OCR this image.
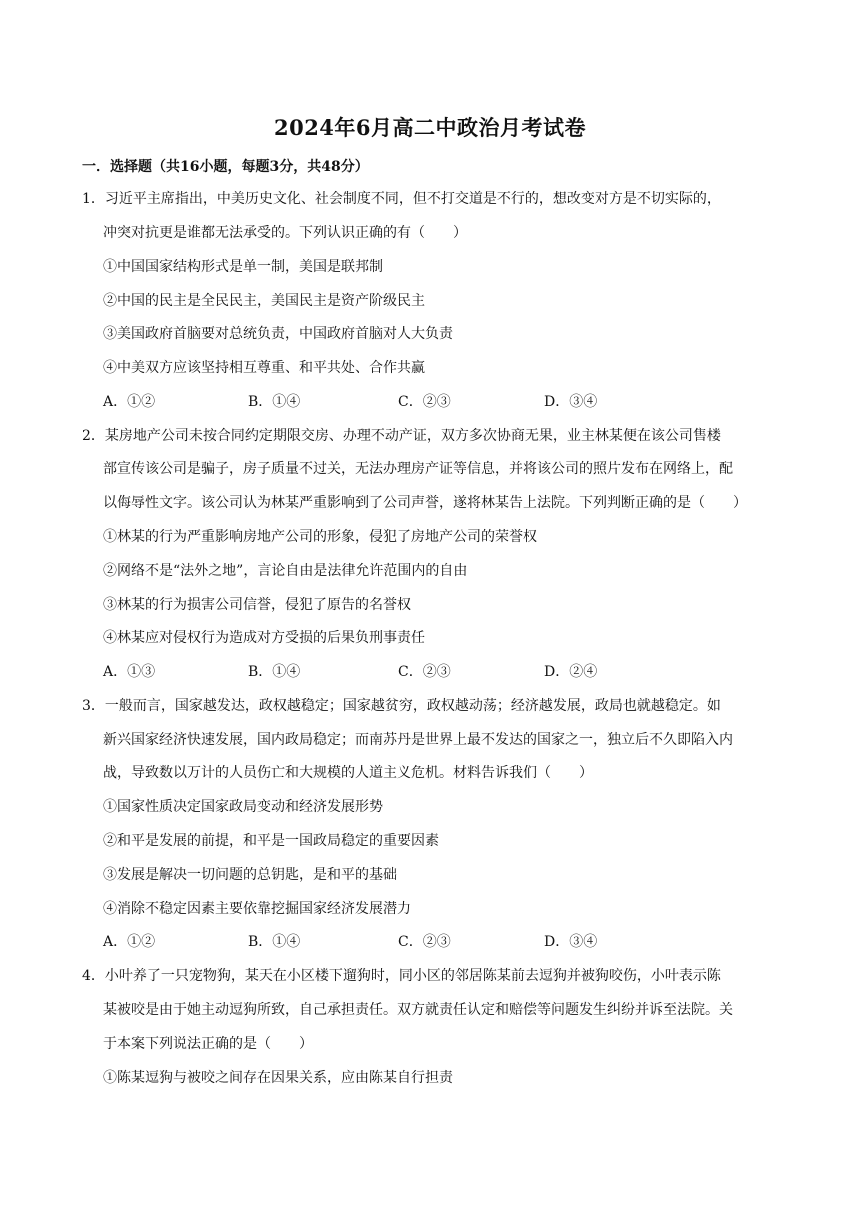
2024年6月高二中政治月考试卷
一．选择题（共16小题，每题3分，共48分）
1．习近平主席指出，中美历史文化、社会制度不同，但不打交道是不行的，想改变对方是不切实际的，
冲突对抗更是谁都无法承受的。下列认识正确的有（　　）
①中国国家结构形式是单一制，美国是联邦制
②中国的民主是全民民主，美国民主是资产阶级民主
③美国政府首脑要对总统负责，中国政府首脑对人大负责
④中美双方应该坚持相互尊重、和平共处、合作共赢
A．①②	B．①④	C．②③	D．③④
2．某房地产公司未按合同约定期限交房、办理不动产证，双方多次协商无果，业主林某便在该公司售楼
部宣传该公司是骗子，房子质量不过关，无法办理房产证等信息，并将该公司的照片发布在网络上，配
以侮辱性文字。该公司认为林某严重影响到了公司声誉，遂将林某告上法院。下列判断正确的是（　　）
①林某的行为严重影响房地产公司的形象，侵犯了房地产公司的荣誉权
②网络不是“法外之地”，言论自由是法律允许范围内的自由
③林某的行为损害公司信誉，侵犯了原告的名誉权
④林某应对侵权行为造成对方受损的后果负刑事责任
A．①③	B．①④	C．②③	D．②④
3．一般而言，国家越发达，政权越稳定；国家越贫穷，政权越动荡；经济越发展，政局也就越稳定。如
新兴国家经济快速发展，国内政局稳定；而南苏丹是世界上最不发达的国家之一，独立后不久即陷入内
战，导致数以万计的人员伤亡和大规模的人道主义危机。材料告诉我们（　　）
①国家性质决定国家政局变动和经济发展形势
②和平是发展的前提，和平是一国政局稳定的重要因素
③发展是解决一切问题的总钥匙，是和平的基础
④消除不稳定因素主要依靠挖掘国家经济发展潜力
A．①②	B．①④	C．②③	D．③④
4．小叶养了一只宠物狗，某天在小区楼下遛狗时，同小区的邻居陈某前去逗狗并被狗咬伤，小叶表示陈
某被咬是由于她主动逗狗所致，自己承担责任。双方就责任认定和赔偿等问题发生纠纷并诉至法院。关
于本案下列说法正确的是（　　）
①陈某逗狗与被咬之间存在因果关系，应由陈某自行担责
